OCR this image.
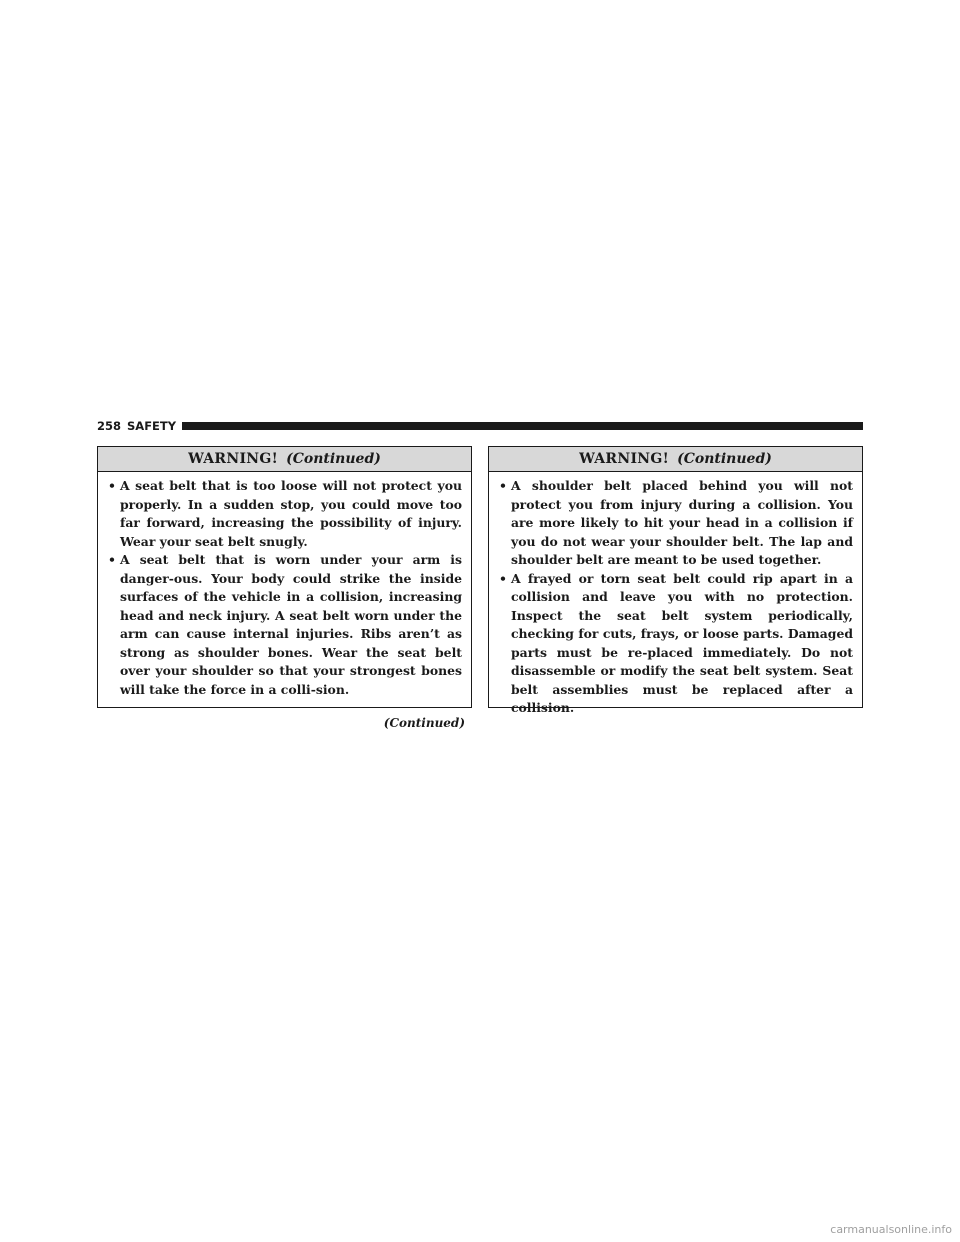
258 SAFETY
WARNING! (Continued)
• A seat belt that is too loose will not protect you properly. In a sudden stop, you could move too far forward, increasing the possibility of injury. Wear your seat belt snugly.
• A seat belt that is worn under your arm is danger-ous. Your body could strike the inside surfaces of the vehicle in a collision, increasing head and neck injury. A seat belt worn under the arm can cause internal injuries. Ribs aren’t as strong as shoulder bones. Wear the seat belt over your shoulder so that your strongest bones will take the force in a colli-sion.
WARNING! (Continued)
• A shoulder belt placed behind you will not protect you from injury during a collision. You are more likely to hit your head in a collision if you do not wear your shoulder belt. The lap and shoulder belt are meant to be used together.
• A frayed or torn seat belt could rip apart in a collision and leave you with no protection. Inspect the seat belt system periodically, checking for cuts, frays, or loose parts. Damaged parts must be re-placed immediately. Do not disassemble or modify the seat belt system. Seat belt assemblies must be replaced after a collision.
(Continued)
carmanualsonline.info
